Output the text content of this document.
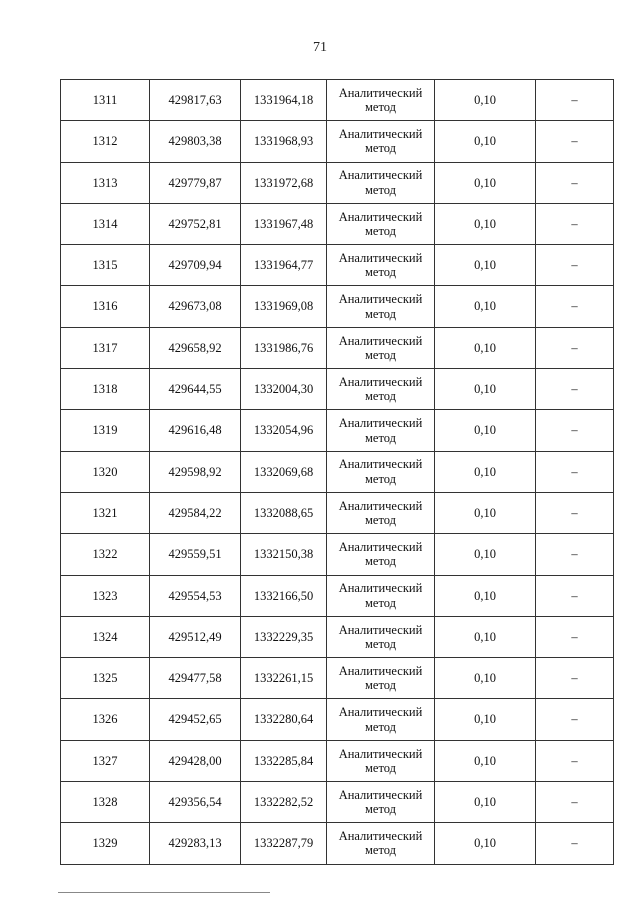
71
1311	429817,63	1331964,18	Аналитический
метод	0,10	–
1312	429803,38	1331968,93	Аналитический
метод	0,10	–
1313	429779,87	1331972,68	Аналитический
метод	0,10	–
1314	429752,81	1331967,48	Аналитический
метод	0,10	–
1315	429709,94	1331964,77	Аналитический
метод	0,10	–
1316	429673,08	1331969,08	Аналитический
метод	0,10	–
1317	429658,92	1331986,76	Аналитический
метод	0,10	–
1318	429644,55	1332004,30	Аналитический
метод	0,10	–
1319	429616,48	1332054,96	Аналитический
метод	0,10	–
1320	429598,92	1332069,68	Аналитический
метод	0,10	–
1321	429584,22	1332088,65	Аналитический
метод	0,10	–
1322	429559,51	1332150,38	Аналитический
метод	0,10	–
1323	429554,53	1332166,50	Аналитический
метод	0,10	–
1324	429512,49	1332229,35	Аналитический
метод	0,10	–
1325	429477,58	1332261,15	Аналитический
метод	0,10	–
1326	429452,65	1332280,64	Аналитический
метод	0,10	–
1327	429428,00	1332285,84	Аналитический
метод	0,10	–
1328	429356,54	1332282,52	Аналитический
метод	0,10	–
1329	429283,13	1332287,79	Аналитический
метод	0,10	–
